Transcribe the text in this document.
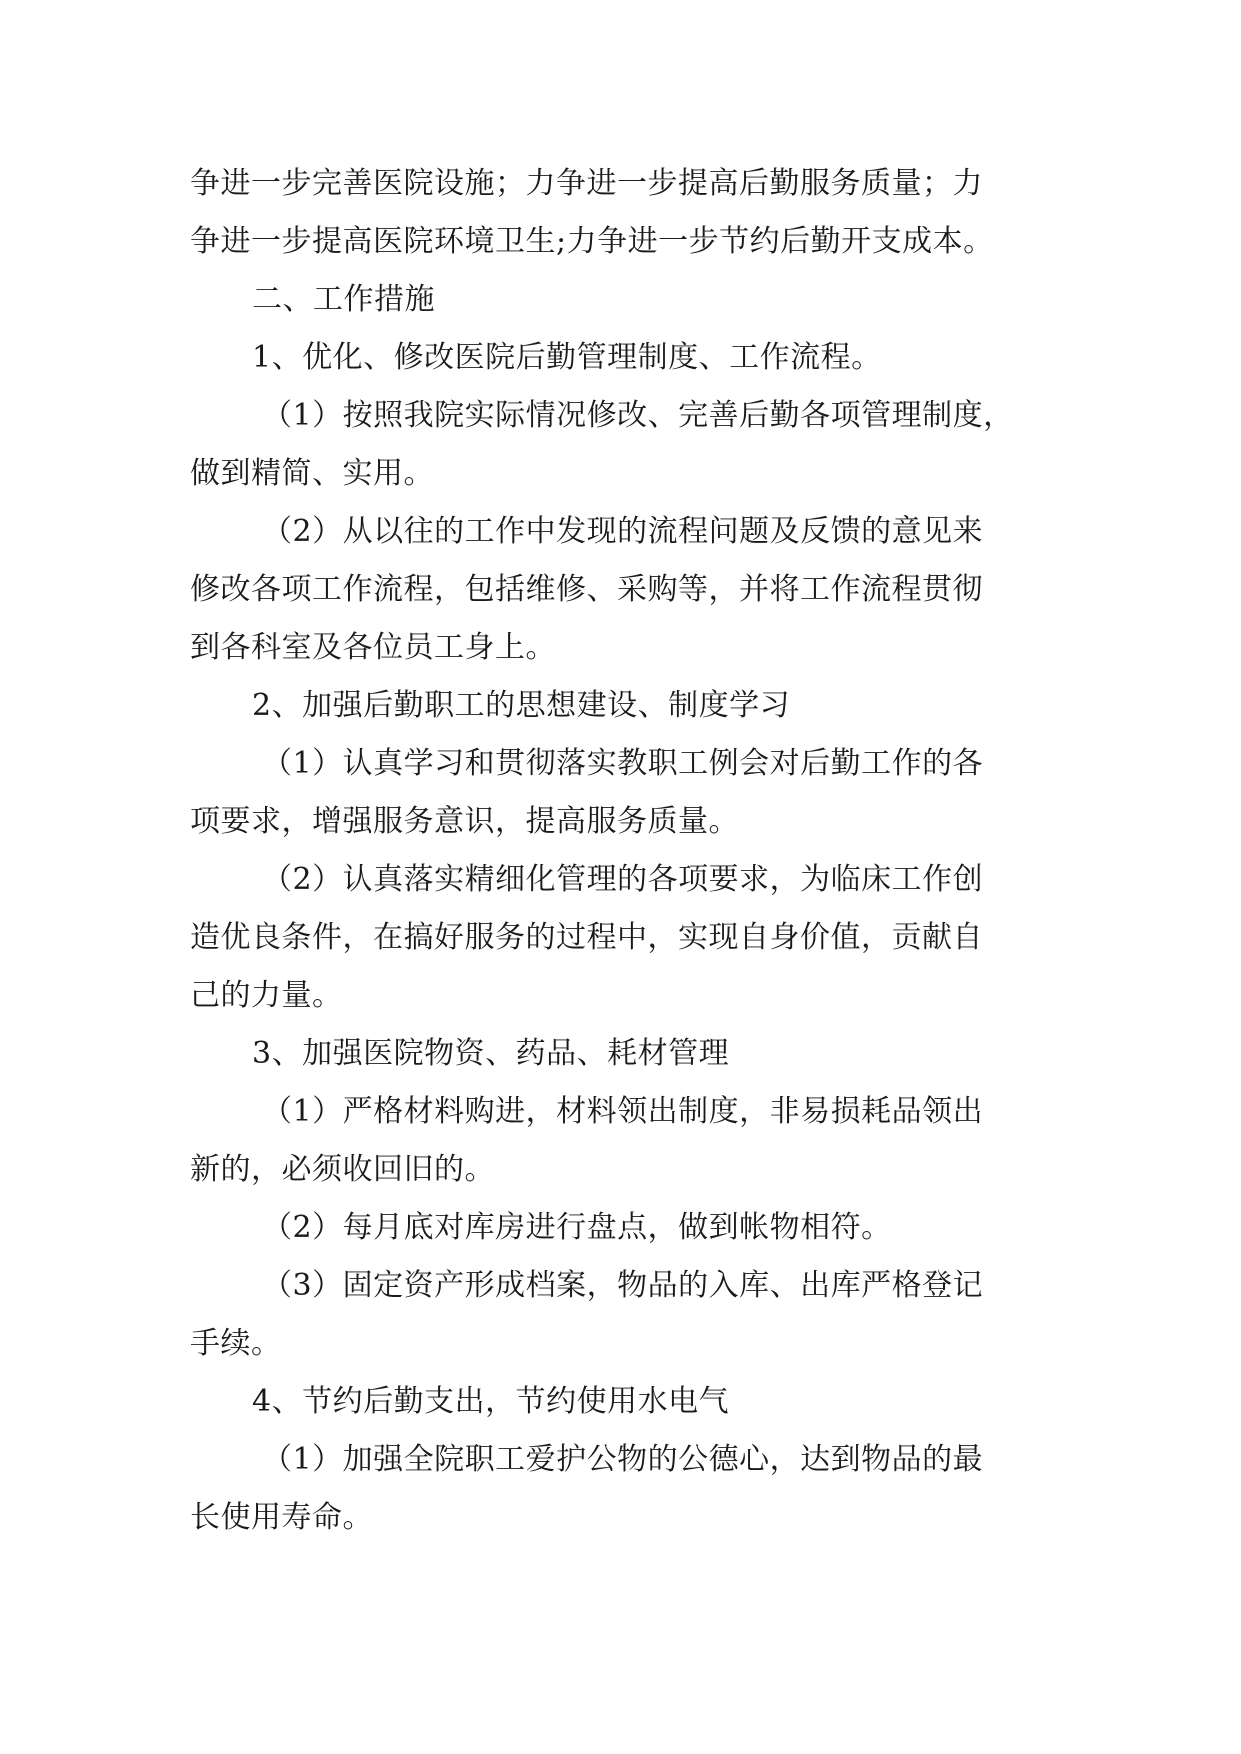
争进一步完善医院设施；力争进一步提高后勤服务质量；力
争进一步提高医院环境卫生;力争进一步节约后勤开支成本。
二、工作措施
1、优化、修改医院后勤管理制度、工作流程。
（1）按照我院实际情况修改、完善后勤各项管理制度，
做到精简、实用。
（2）从以往的工作中发现的流程问题及反馈的意见来
修改各项工作流程，包括维修、采购等，并将工作流程贯彻
到各科室及各位员工身上。
2、加强后勤职工的思想建设、制度学习
（1）认真学习和贯彻落实教职工例会对后勤工作的各
项要求，增强服务意识，提高服务质量。
（2）认真落实精细化管理的各项要求，为临床工作创
造优良条件，在搞好服务的过程中，实现自身价值，贡献自
己的力量。
3、加强医院物资、药品、耗材管理
（1）严格材料购进，材料领出制度，非易损耗品领出
新的，必须收回旧的。
（2）每月底对库房进行盘点，做到帐物相符。
（3）固定资产形成档案，物品的入库、出库严格登记
手续。
4、节约后勤支出，节约使用水电气
（1）加强全院职工爱护公物的公德心，达到物品的最
长使用寿命。
